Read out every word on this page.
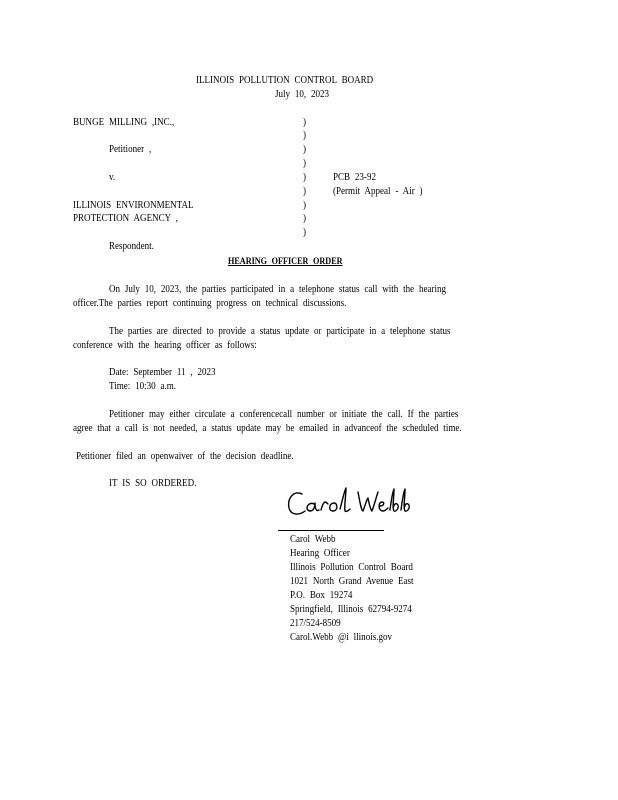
ILLINOIS POLLUTION CONTROL BOARD
July 10, 2023
BUNGE MILLING ,INC.,
Petitioner ,
v.
ILLINOIS ENVIRONMENTAL
PROTECTION AGENCY ,
Respondent.
)
)
)
)
)
)
)
)
)
PCB 23-92
(Permit Appeal - Air )
HEARING OFFICER ORDER
On July 10, 2023, the parties participated in a telephone status call with the hearing
officer.The parties report continuing progress on technical discussions.
The parties are directed to provide a status update or participate in a telephone status
conference with the hearing officer as follows:
Date: September 11 , 2023
Time: 10:30 a.m.
Petitioner may either circulate a conferencecall number or initiate the call. If the parties
agree that a call is not needed, a status update may be emailed in advanceof the scheduled time.
Petitioner filed an openwaiver of the decision deadline.
IT IS SO ORDERED.
Carol Webb
Hearing Officer
Illinois Pollution Control Board
1021 North Grand Avenue East
P.O. Box 19274
Springfield, Illinois 62794-9274
217/524-8509
Carol.Webb @i llinois.gov
